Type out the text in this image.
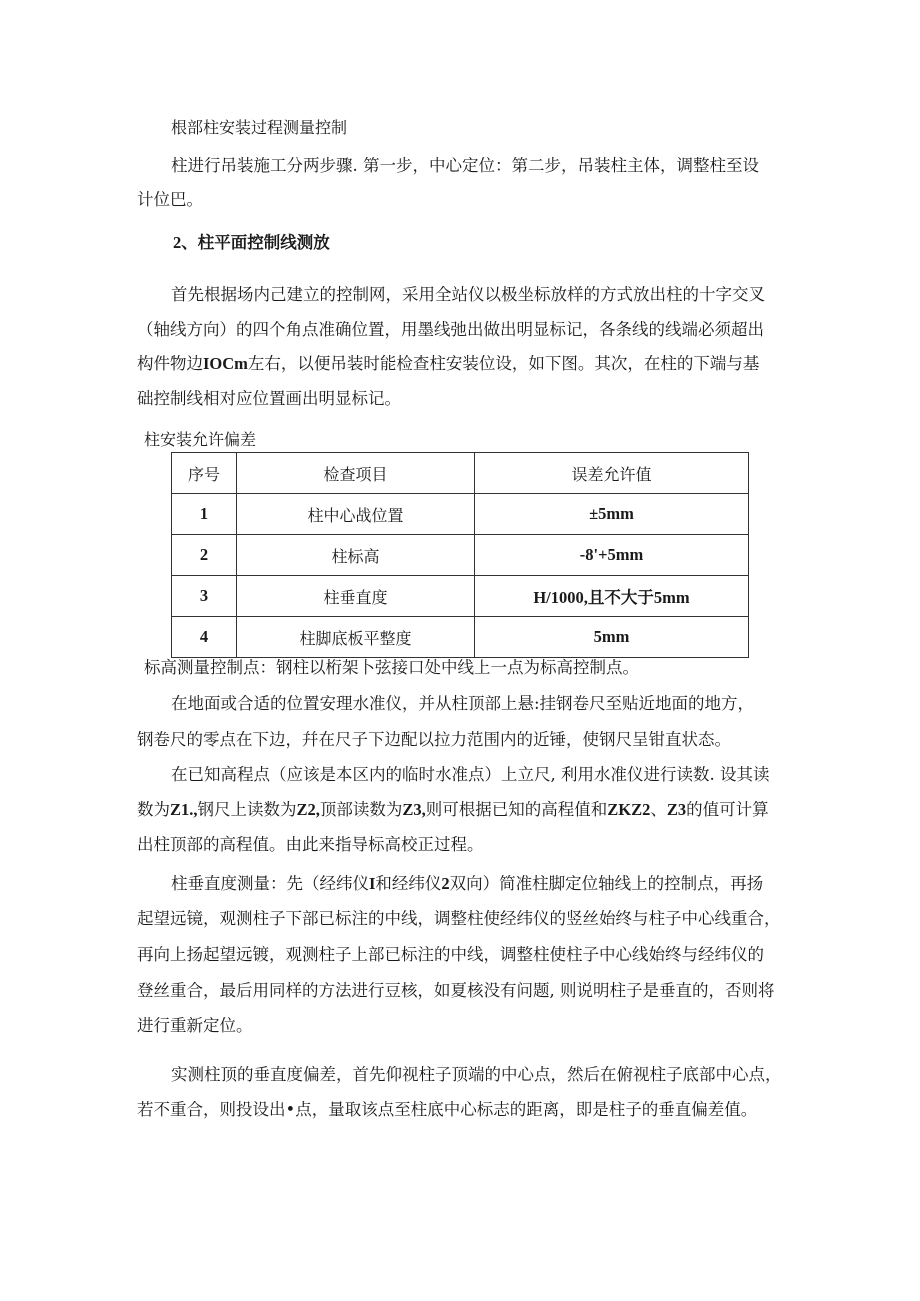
根部柱安装过程测量控制
柱进行吊装施工分两步骤. 第一步，中心定位：第二步，吊装柱主体，调整柱至设
计位巴。
2、柱平面控制线测放
首先根据场内己建立的控制网，采用全站仪以极坐标放样的方式放出柱的十字交叉
（轴线方向）的四个角点准确位置，用墨线弛出做出明显标记，各条线的线端必须超出
构件物边IOCm左右，以便吊装时能检查柱安装位设，如下图。其次，在柱的下端与基
础控制线相对应位置画出明显标记。
柱安装允许偏差
序号	检查项目	误差允许值
1	柱中心战位置	±5mm
2	柱标高	-8'+5mm
3	柱垂直度	H/1000,且不大于5mm
4	柱脚底板平整度	5mm
标高测量控制点：钢柱以桁架卜弦接口处中线上一点为标高控制点。
在地面或合适的位置安理水准仪，并从柱顶部上悬:挂钢卷尺至贴近地面的地方，
钢卷尺的零点在下边，幷在尺子下边配以拉力范围内的近锤，使钢尺呈钳直状态。
在已知高程点（应该是本区内的临时水准点）上立尺, 利用水准仪进行读数. 设其读
数为Z1.,钢尺上读数为Z2,顶部读数为Z3,则可根据已知的高程值和ZKZ2、Z3的值可计算
出柱顶部的高程值。由此来指导标高校正过程。
柱垂直度测量：先（经纬仪I和经纬仪2双向）简准柱脚定位轴线上的控制点，再扬
起望远镜，观测柱子下部已标注的中线，调整柱使经纬仪的竖丝始终与柱子中心线重合，
再向上扬起望远镀，观测柱子上部已标注的中线，调整柱使柱子中心线始终与经纬仪的
登丝重合，最后用同样的方法进行豆核，如夏核没有问题, 则说明柱子是垂直的，否则将
进行重新定位。
实测柱顶的垂直度偏差，首先仰视柱子顶端的中心点，然后在俯视柱子底部中心点，
若不重合，则投设出•点，量取该点至柱底中心标志的距离，即是柱子的垂直偏差值。
